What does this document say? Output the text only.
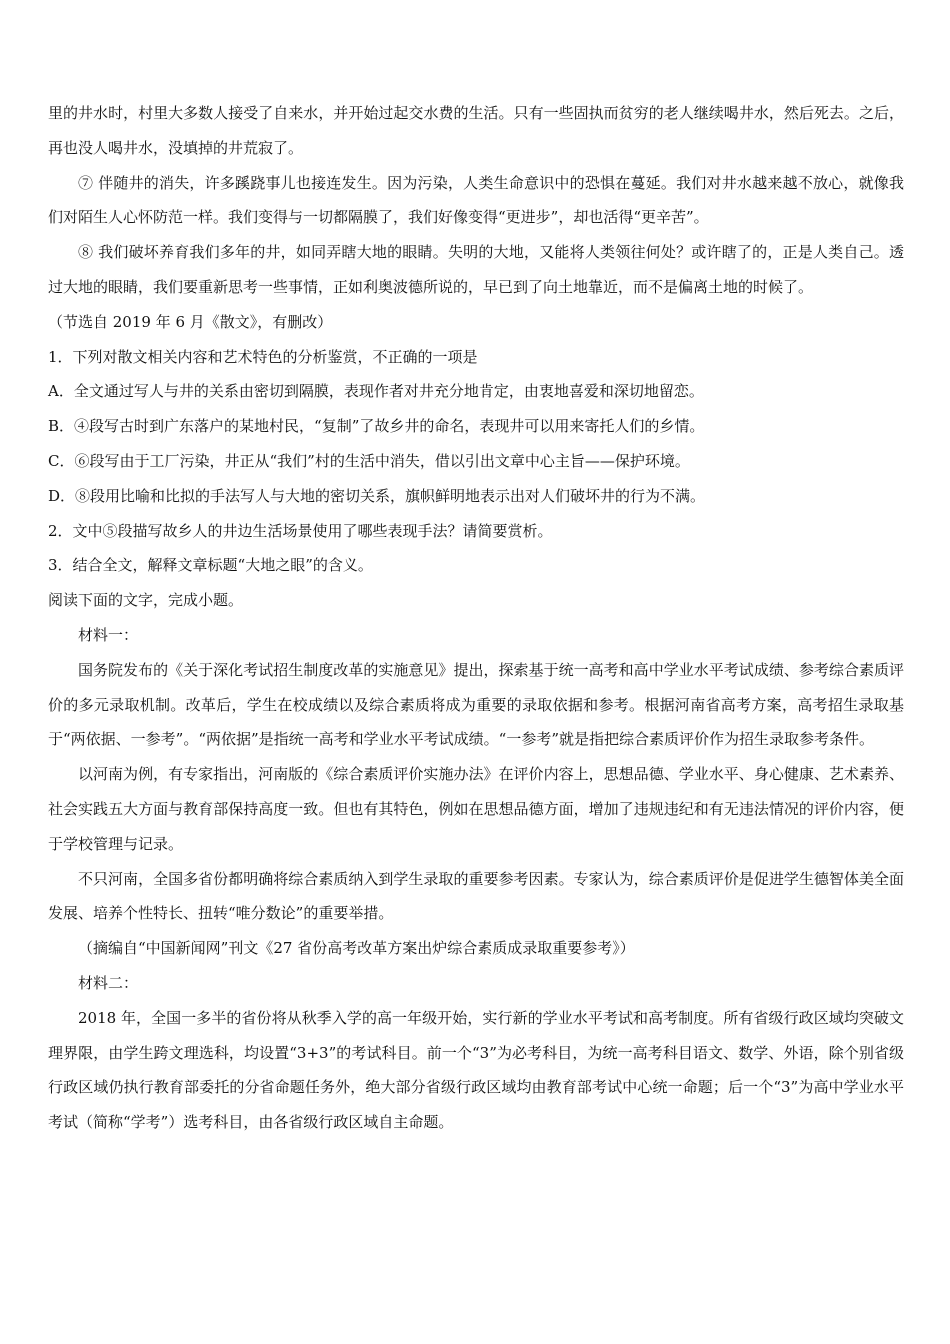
里的井水时，村里大多数人接受了自来水，并开始过起交水费的生活。只有一些固执而贫穷的老人继续喝井水，然后死去。之后，再也没人喝井水，没填掉的井荒寂了。

⑦ 伴随井的消失，许多蹊跷事儿也接连发生。因为污染，人类生命意识中的恐惧在蔓延。我们对井水越来越不放心，就像我们对陌生人心怀防范一样。我们变得与一切都隔膜了，我们好像变得“更进步”，却也活得“更辛苦”。

⑧ 我们破坏养育我们多年的井，如同弄瞎大地的眼睛。失明的大地，又能将人类领往何处？或许瞎了的，正是人类自己。透过大地的眼睛，我们要重新思考一些事情，正如利奥波德所说的，早已到了向土地靠近，而不是偏离土地的时候了。

（节选自 2019 年 6 月《散文》，有删改）

1．下列对散文相关内容和艺术特色的分析鉴赏，不正确的一项是

A．全文通过写人与井的关系由密切到隔膜，表现作者对井充分地肯定，由衷地喜爱和深切地留恋。

B．④段写古时到广东落户的某地村民，“复制”了故乡井的命名，表现井可以用来寄托人们的乡情。

C．⑥段写由于工厂污染，井正从“我们”村的生活中消失，借以引出文章中心主旨——保护环境。

D．⑧段用比喻和比拟的手法写人与大地的密切关系，旗帜鲜明地表示出对人们破坏井的行为不满。

2．文中⑤段描写故乡人的井边生活场景使用了哪些表现手法？请简要赏析。

3．结合全文，解释文章标题“大地之眼”的含义。

阅读下面的文字，完成小题。

材料一：

国务院发布的《关于深化考试招生制度改革的实施意见》提出，探索基于统一高考和高中学业水平考试成绩、参考综合素质评价的多元录取机制。改革后，学生在校成绩以及综合素质将成为重要的录取依据和参考。根据河南省高考方案，高考招生录取基于“两依据、一参考”。“两依据”是指统一高考和学业水平考试成绩。“一参考”就是指把综合素质评价作为招生录取参考条件。

以河南为例，有专家指出，河南版的《综合素质评价实施办法》在评价内容上，思想品德、学业水平、身心健康、艺术素养、社会实践五大方面与教育部保持高度一致。但也有其特色，例如在思想品德方面，增加了违规违纪和有无违法情况的评价内容，便于学校管理与记录。

不只河南，全国多省份都明确将综合素质纳入到学生录取的重要参考因素。专家认为，综合素质评价是促进学生德智体美全面发展、培养个性特长、扭转“唯分数论”的重要举措。

（摘编自“中国新闻网”刊文《27 省份高考改革方案出炉综合素质成录取重要参考》）

材料二：

2018 年，全国一多半的省份将从秋季入学的高一年级开始，实行新的学业水平考试和高考制度。所有省级行政区域均突破文理界限，由学生跨文理选科，均设置“3+3”的考试科目。前一个“3”为必考科目，为统一高考科目语文、数学、外语，除个别省级行政区域仍执行教育部委托的分省命题任务外，绝大部分省级行政区域均由教育部考试中心统一命题；后一个“3”为高中学业水平考试（简称“学考”）选考科目，由各省级行政区域自主命题。
